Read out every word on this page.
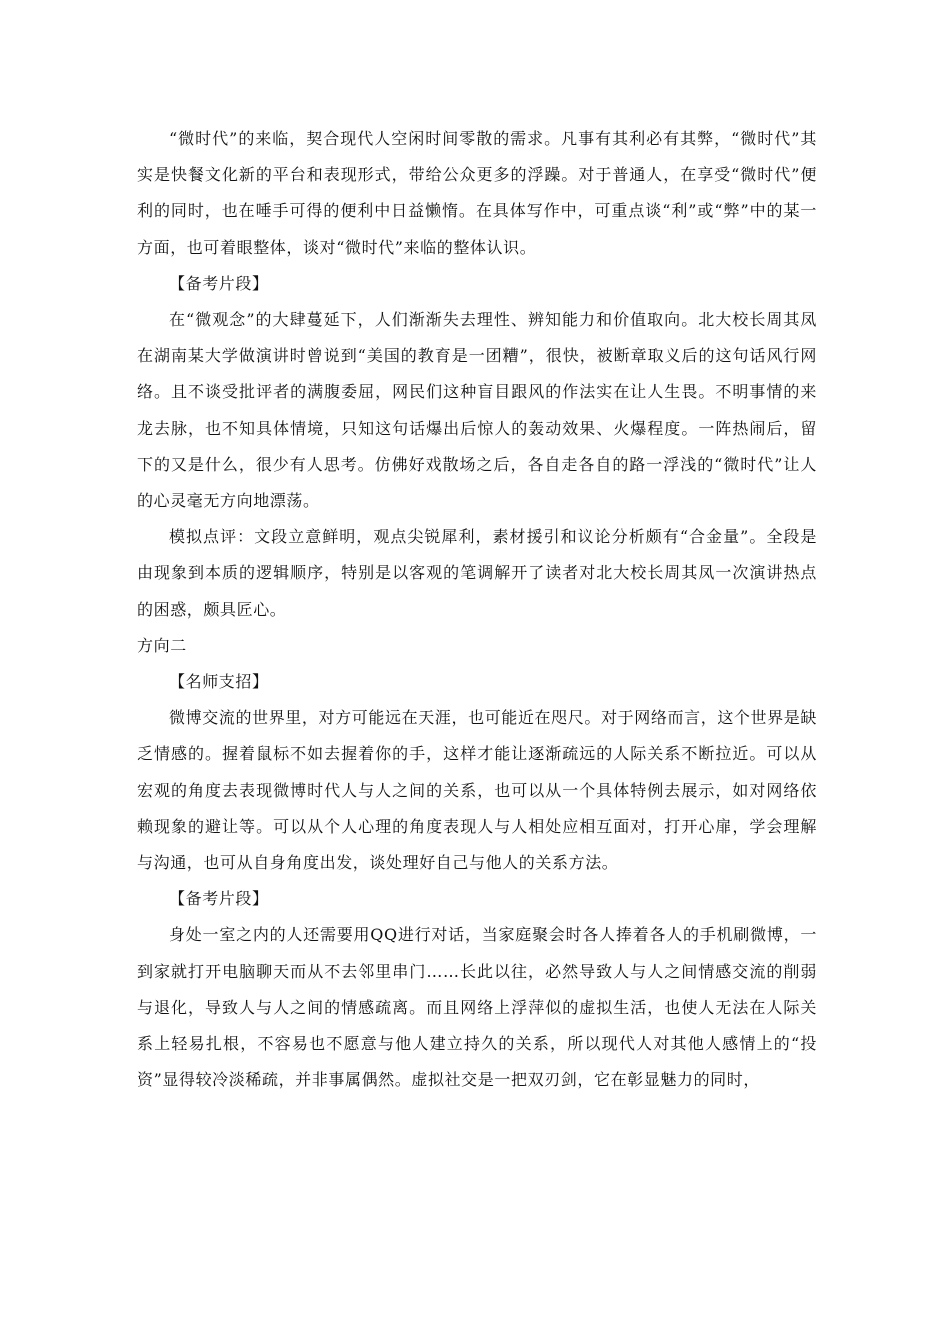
“微时代”的来临，契合现代人空闲时间零散的需求。凡事有其利必有其弊，“微时代”其实是快餐文化新的平台和表现形式，带给公众更多的浮躁。对于普通人，在享受“微时代”便利的同时，也在唾手可得的便利中日益懒惰。在具体写作中，可重点谈“利”或“弊”中的某一方面，也可着眼整体，谈对“微时代”来临的整体认识。

【备考片段】

在“微观念”的大肆蔓延下，人们渐渐失去理性、辨知能力和价值取向。北大校长周其凤在湖南某大学做演讲时曾说到“美国的教育是一团糟”，很快，被断章取义后的这句话风行网络。且不谈受批评者的满腹委屈，网民们这种盲目跟风的作法实在让人生畏。不明事情的来龙去脉，也不知具体情境，只知这句话爆出后惊人的轰动效果、火爆程度。一阵热闹后，留下的又是什么，很少有人思考。仿佛好戏散场之后，各自走各自的路一浮浅的“微时代”让人的心灵毫无方向地漂荡。

模拟点评：文段立意鲜明，观点尖锐犀利，素材援引和议论分析颇有“合金量”。全段是由现象到本质的逻辑顺序，特别是以客观的笔调解开了读者对北大校长周其凤一次演讲热点的困惑，颇具匠心。

方向二

【名师支招】

微博交流的世界里，对方可能远在天涯，也可能近在咫尺。对于网络而言，这个世界是缺乏情感的。握着鼠标不如去握着你的手，这样才能让逐渐疏远的人际关系不断拉近。可以从宏观的角度去表现微博时代人与人之间的关系，也可以从一个具体特例去展示，如对网络依赖现象的避让等。可以从个人心理的角度表现人与人相处应相互面对，打开心扉，学会理解与沟通，也可从自身角度出发，谈处理好自己与他人的关系方法。

【备考片段】

身处一室之内的人还需要用QQ进行对话，当家庭聚会时各人捧着各人的手机刷微博，一到家就打开电脑聊天而从不去邻里串门……长此以往，必然导致人与人之间情感交流的削弱与退化，导致人与人之间的情感疏离。而且网络上浮萍似的虚拟生活，也使人无法在人际关系上轻易扎根，不容易也不愿意与他人建立持久的关系，所以现代人对其他人感情上的“投资”显得较冷淡稀疏，并非事属偶然。虚拟社交是一把双刃剑，它在彰显魅力的同时，
